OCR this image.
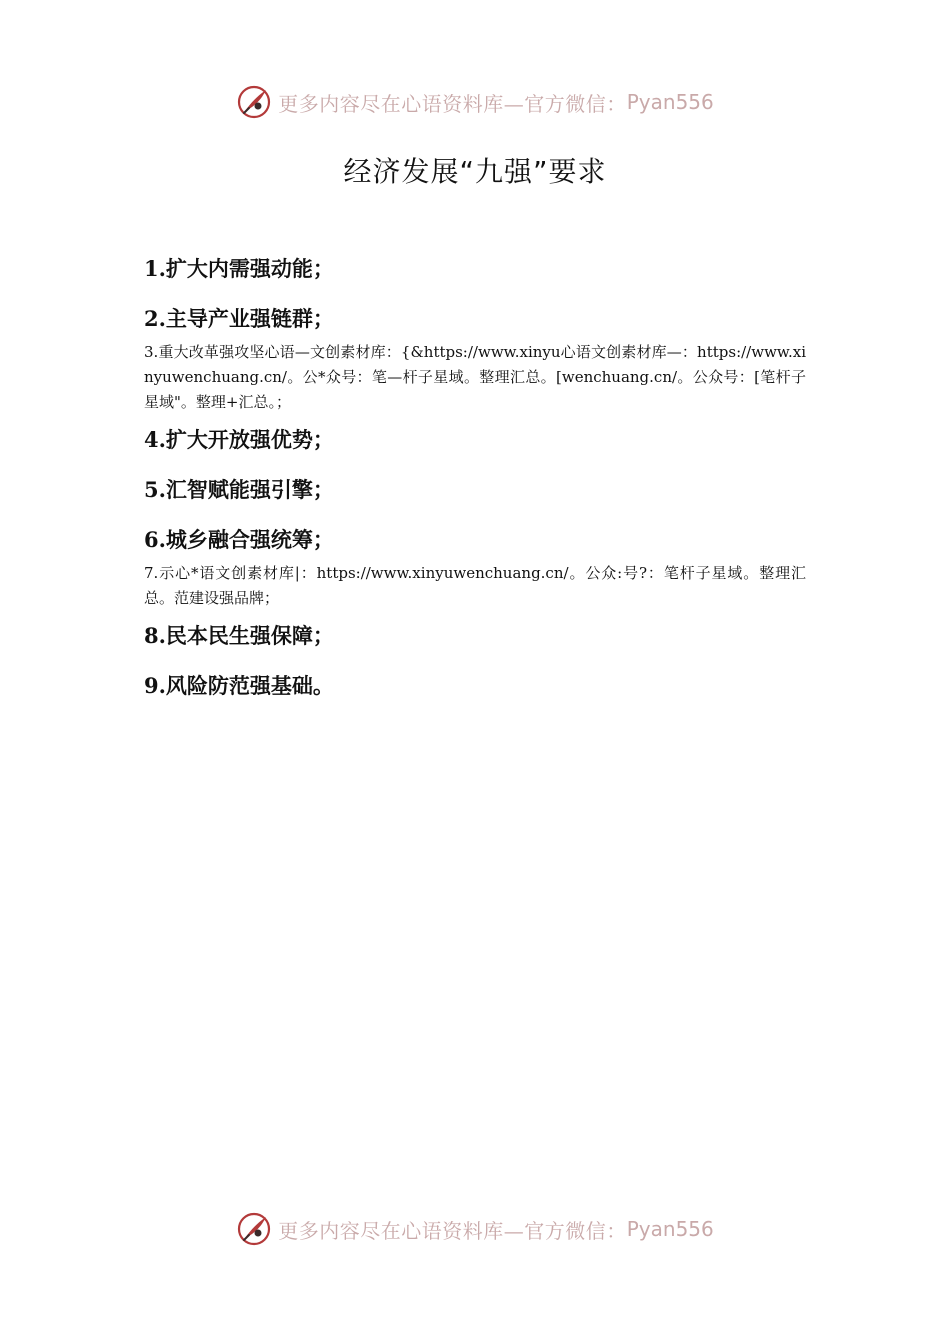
更多内容尽在心语资料库—官方微信： Pyan556
经济发展“九强”要求

1.扩大内需强动能；

2.主导产业强链群；

3.重大改革强攻坚心语—文创素材库：{&https://www.xinyu心语文创素材库—：https://www.xinyuwenchuang.cn/。公*众号：笔—杆子星域。整理汇总。[wenchuang.cn/。公众号：[笔杆子星域"。整理+汇总。；

4.扩大开放强优势；

5.汇智赋能强引擎；

6.城乡融合强统筹；

7.示心*语文创素材库|：https://www.xinyuwenchuang.cn/。公众:号?：笔杆子星域。整理汇总。范建设强品牌；

8.民本民生强保障；

9.风险防范强基础。

更多内容尽在心语资料库—官方微信： Pyan556
